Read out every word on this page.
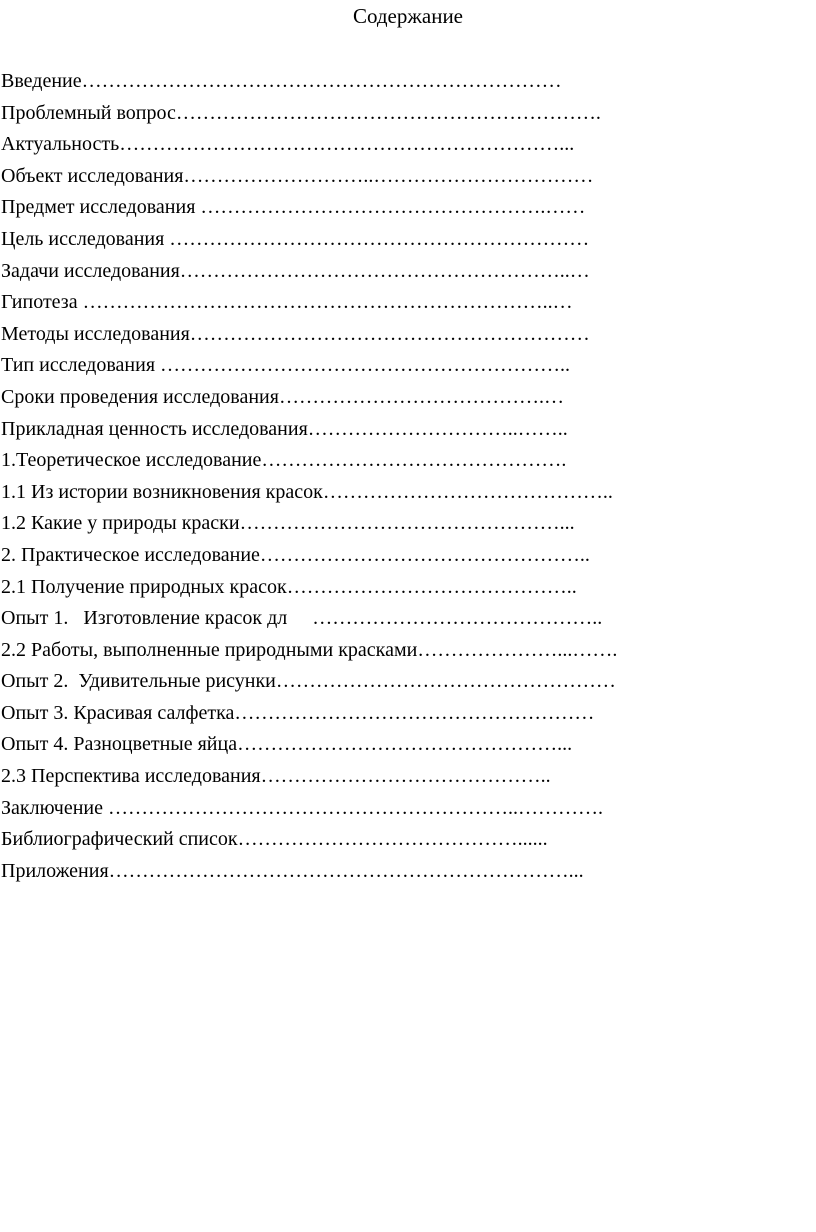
Содержание
Введение………………………………………………………………
Проблемный вопрос……………………………………………………….
Актуальность…………………………………………………………...
Объект исследования………………………..……………………………
Предмет исследования …………………………………………….……
Цель исследования ………………………………………………………
Задачи исследования…………………………………………………..…
Гипотеза ……………………………………………………………..…
Методы исследования……………………………………………………
Тип исследования ……………………………………………………..
Сроки проведения исследования………………………………….…
Прикладная ценность исследования…………………………..……..
1.Теоретическое исследование……………………………………….
1.1 Из истории возникновения красок……………………………………..
1.2 Какие у природы краски…………………………………………...
2. Практическое исследование…………………………………………..
2.1 Получение природных красок……………………………………..
Опыт 1.   Изготовление красок дл     ……………………………………..
2.2 Работы, выполненные природными красками…………………...…….
Опыт 2.  Удивительные рисунки……………………………………………
Опыт 3. Красивая салфетка………………………………………………
Опыт 4. Разноцветные яйца…………………………………………...
2.3 Перспектива исследования……………………………………..
Заключение ……………………………………………………..………….
Библиографический список……………………………………......
Приложения……………………………………………………………...
